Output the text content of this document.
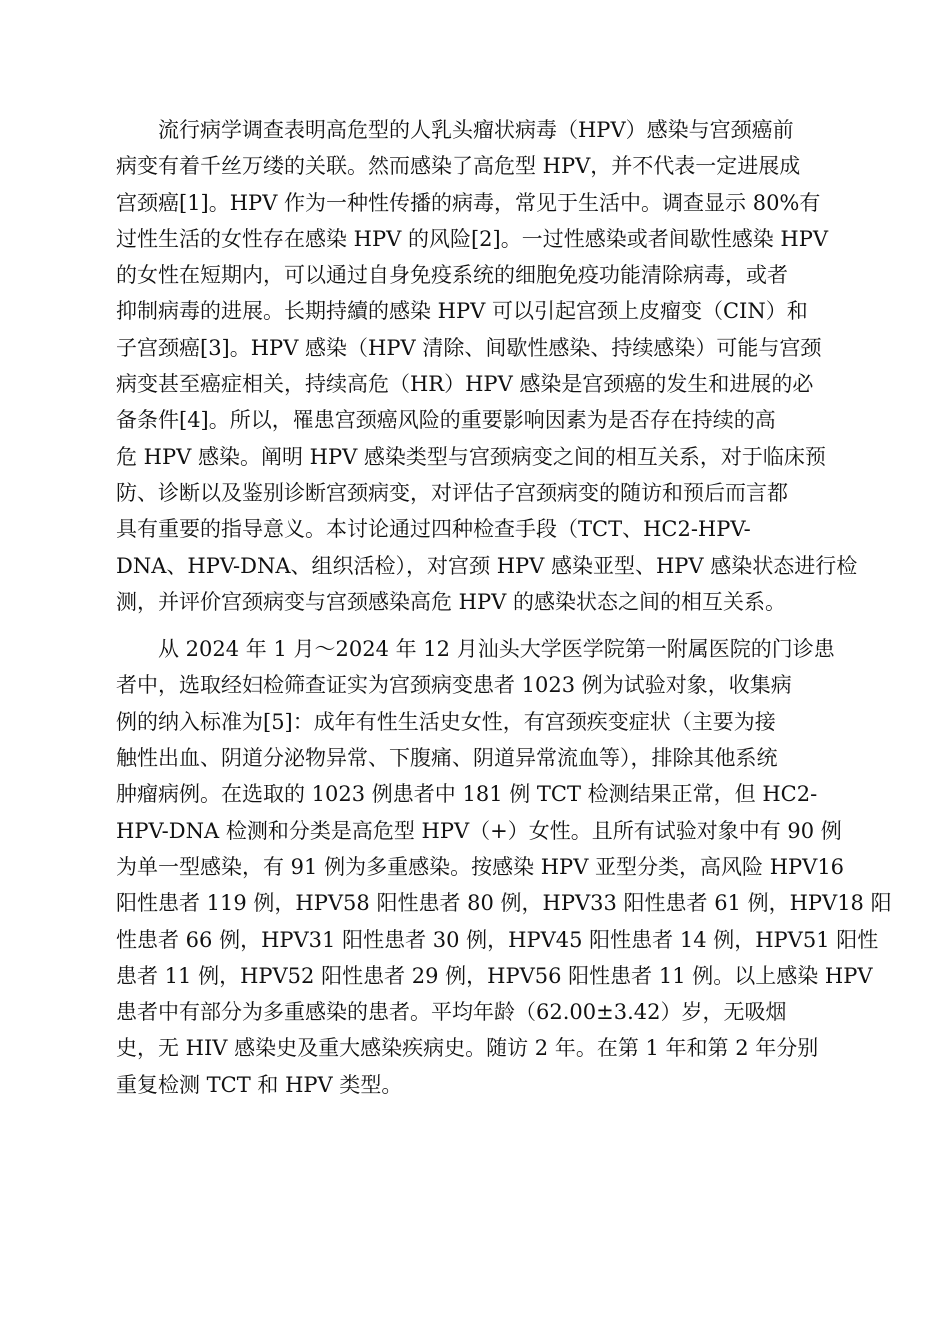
流行病学调查表明高危型的人乳头瘤状病毒（HPV）感染与宫颈癌前
病变有着千丝万缕的关联。然而感染了高危型 HPV，并不代表一定进展成
宫颈癌[1]。HPV 作为一种性传播的病毒，常见于生活中。调查显示 80%有
过性生活的女性存在感染 HPV 的风险[2]。一过性感染或者间歇性感染 HPV
的女性在短期内，可以通过自身免疫系统的细胞免疫功能清除病毒，或者
抑制病毒的进展。长期持續的感染 HPV 可以引起宫颈上皮瘤变（CIN）和
子宫颈癌[3]。HPV 感染（HPV 清除、间歇性感染、持续感染）可能与宫颈
病变甚至癌症相关，持续高危（HR）HPV 感染是宫颈癌的发生和进展的必
备条件[4]。所以，罹患宫颈癌风险的重要影响因素为是否存在持续的高
危 HPV 感染。阐明 HPV 感染类型与宫颈病变之间的相互关系，对于临床预
防、诊断以及鉴别诊断宫颈病变，对评估子宫颈病变的随访和预后而言都
具有重要的指导意义。本讨论通过四种检查手段（TCT、HC2-HPV-
DNA、HPV-DNA、组织活检），对宫颈 HPV 感染亚型、HPV 感染状态进行检
测，并评价宫颈病变与宫颈感染高危 HPV 的感染状态之间的相互关系。

从 2024 年 1 月～2024 年 12 月汕头大学医学院第一附属医院的门诊患
者中，选取经妇检筛查证实为宫颈病变患者 1023 例为试验对象，收集病
例的纳入标准为[5]：成年有性生活史女性，有宫颈疾变症状（主要为接
触性出血、阴道分泌物异常、下腹痛、阴道异常流血等），排除其他系统
肿瘤病例。在选取的 1023 例患者中 181 例 TCT 检测结果正常，但 HC2-
HPV-DNA 检测和分类是高危型 HPV（+）女性。且所有试验对象中有 90 例
为单一型感染，有 91 例为多重感染。按感染 HPV 亚型分类，高风险 HPV16
阳性患者 119 例，HPV58 阳性患者 80 例，HPV33 阳性患者 61 例，HPV18 阳
性患者 66 例，HPV31 阳性患者 30 例，HPV45 阳性患者 14 例，HPV51 阳性
患者 11 例，HPV52 阳性患者 29 例，HPV56 阳性患者 11 例。以上感染 HPV
患者中有部分为多重感染的患者。平均年龄（62.00±3.42）岁，无吸烟
史，无 HIV 感染史及重大感染疾病史。随访 2 年。在第 1 年和第 2 年分别
重复检测 TCT 和 HPV 类型。
